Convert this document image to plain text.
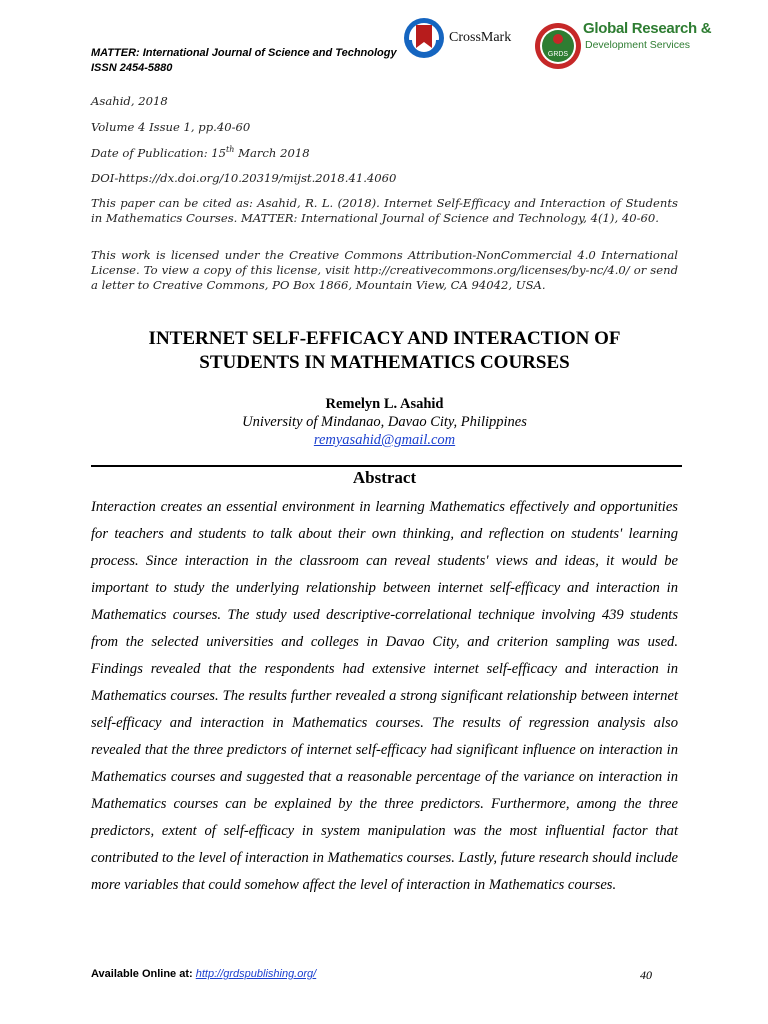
MATTER: International Journal of Science and Technology
ISSN 2454-5880
CrossMark
GRDS
Global Research &
Development Services
Asahid, 2018
Volume 4 Issue 1, pp.40-60
Date of Publication: 15th March 2018
DOI-https://dx.doi.org/10.20319/mijst.2018.41.4060
This paper can be cited as: Asahid, R. L. (2018). Internet Self-Efficacy and Interaction of Students in Mathematics Courses. MATTER: International Journal of Science and Technology, 4(1), 40-60.
This work is licensed under the Creative Commons Attribution-NonCommercial 4.0 International License. To view a copy of this license, visit http://creativecommons.org/licenses/by-nc/4.0/ or send a letter to Creative Commons, PO Box 1866, Mountain View, CA 94042, USA.
INTERNET SELF-EFFICACY AND INTERACTION OF
STUDENTS IN MATHEMATICS COURSES
Remelyn L. Asahid
University of Mindanao, Davao City, Philippines
remyasahid@gmail.com
Abstract
Interaction creates an essential environment in learning Mathematics effectively and opportunities for teachers and students to talk about their own thinking, and reflection on students' learning process. Since interaction in the classroom can reveal students' views and ideas, it would be important to study the underlying relationship between internet self-efficacy and interaction in Mathematics courses. The study used descriptive-correlational technique involving 439 students from the selected universities and colleges in Davao City, and criterion sampling was used. Findings revealed that the respondents had extensive internet self-efficacy and interaction in Mathematics courses. The results further revealed a strong significant relationship between internet self-efficacy and interaction in Mathematics courses. The results of regression analysis also revealed that the three predictors of internet self-efficacy had significant influence on interaction in Mathematics courses and suggested that a reasonable percentage of the variance on interaction in Mathematics courses can be explained by the three predictors. Furthermore, among the three predictors, extent of self-efficacy in system manipulation was the most influential factor that contributed to the level of interaction in Mathematics courses. Lastly, future research should include more variables that could somehow affect the level of interaction in Mathematics courses.
Available Online at: http://grdspublishing.org/	40
